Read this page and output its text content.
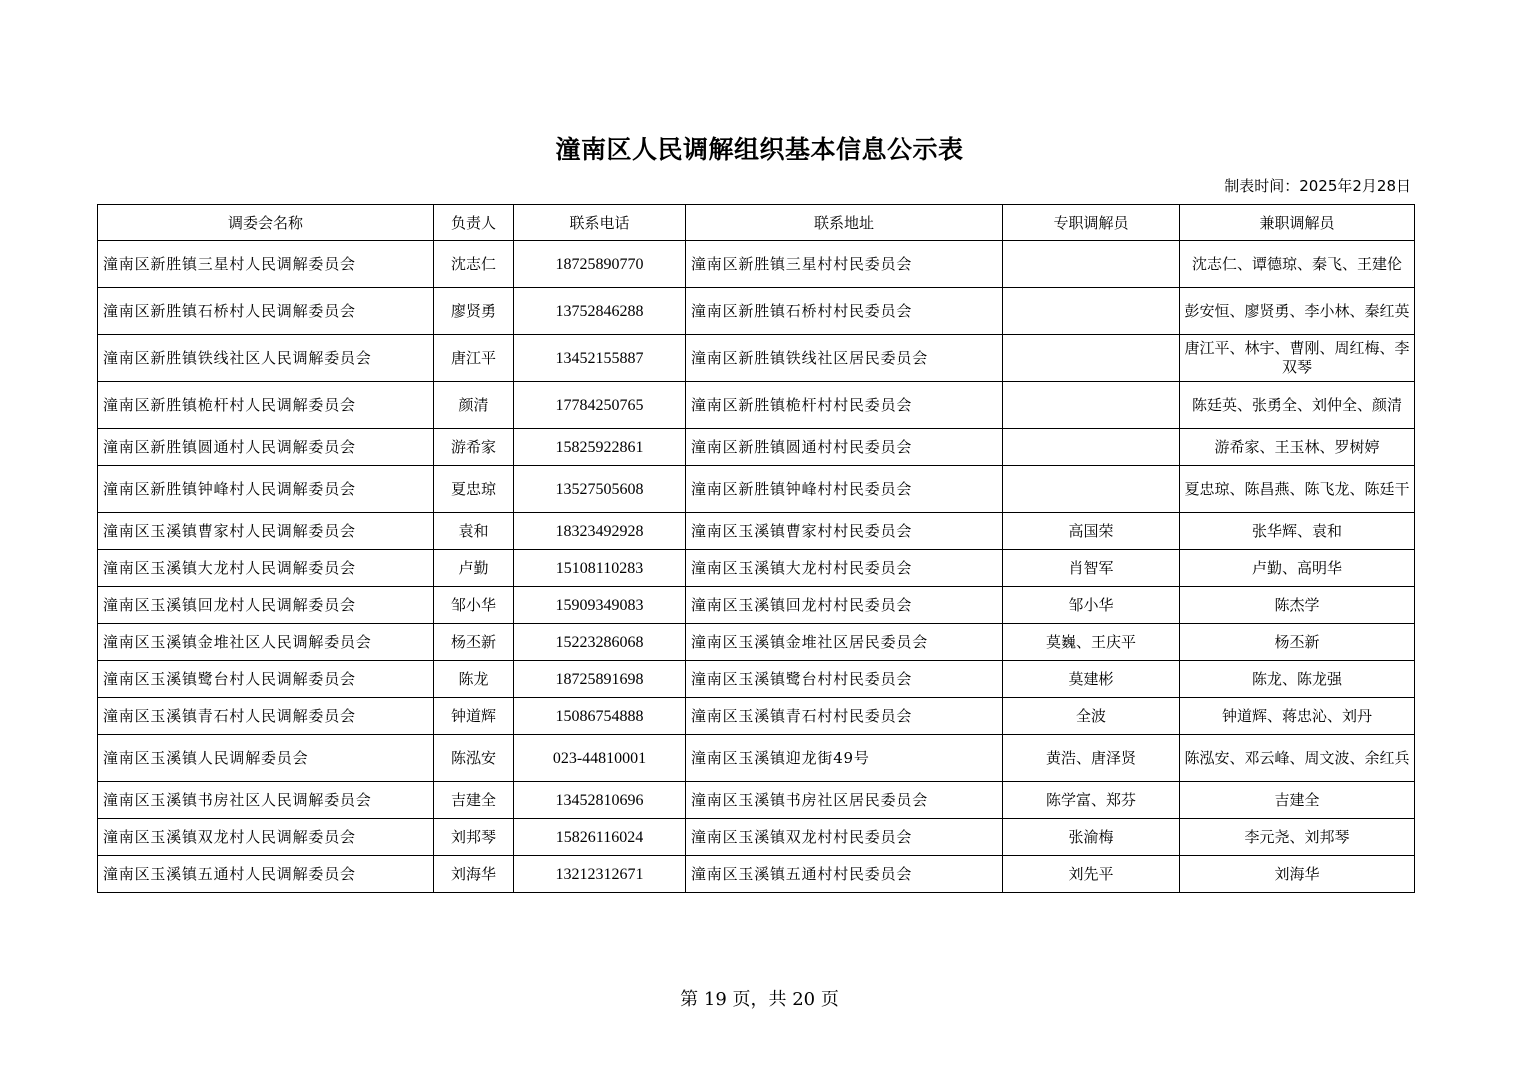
潼南区人民调解组织基本信息公示表
制表时间：2025年2月28日
调委会名称	负责人	联系电话	联系地址	专职调解员	兼职调解员
潼南区新胜镇三星村人民调解委员会	沈志仁	18725890770	潼南区新胜镇三星村村民委员会		沈志仁、谭德琼、秦飞、王建伦
潼南区新胜镇石桥村人民调解委员会	廖贤勇	13752846288	潼南区新胜镇石桥村村民委员会		彭安恒、廖贤勇、李小林、秦红英
潼南区新胜镇铁线社区人民调解委员会	唐江平	13452155887	潼南区新胜镇铁线社区居民委员会		唐江平、林宇、曹刚、周红梅、李双琴
潼南区新胜镇桅杆村人民调解委员会	颜清	17784250765	潼南区新胜镇桅杆村村民委员会		陈廷英、张勇全、刘仲全、颜清
潼南区新胜镇圆通村人民调解委员会	游希家	15825922861	潼南区新胜镇圆通村村民委员会		游希家、王玉林、罗树婷
潼南区新胜镇钟峰村人民调解委员会	夏忠琼	13527505608	潼南区新胜镇钟峰村村民委员会		夏忠琼、陈昌燕、陈飞龙、陈廷干
潼南区玉溪镇曹家村人民调解委员会	袁和	18323492928	潼南区玉溪镇曹家村村民委员会	高国荣	张华辉、袁和
潼南区玉溪镇大龙村人民调解委员会	卢勤	15108110283	潼南区玉溪镇大龙村村民委员会	肖智军	卢勤、高明华
潼南区玉溪镇回龙村人民调解委员会	邹小华	15909349083	潼南区玉溪镇回龙村村民委员会	邹小华	陈杰学
潼南区玉溪镇金堆社区人民调解委员会	杨丕新	15223286068	潼南区玉溪镇金堆社区居民委员会	莫巍、王庆平	杨丕新
潼南区玉溪镇鹭台村人民调解委员会	陈龙	18725891698	潼南区玉溪镇鹭台村村民委员会	莫建彬	陈龙、陈龙强
潼南区玉溪镇青石村人民调解委员会	钟道辉	15086754888	潼南区玉溪镇青石村村民委员会	全波	钟道辉、蒋忠沁、刘丹
潼南区玉溪镇人民调解委员会	陈泓安	023-44810001	潼南区玉溪镇迎龙街49号	黄浩、唐泽贤	陈泓安、邓云峰、周文波、余红兵
潼南区玉溪镇书房社区人民调解委员会	吉建全	13452810696	潼南区玉溪镇书房社区居民委员会	陈学富、郑芬	吉建全
潼南区玉溪镇双龙村人民调解委员会	刘邦琴	15826116024	潼南区玉溪镇双龙村村民委员会	张渝梅	李元尧、刘邦琴
潼南区玉溪镇五通村人民调解委员会	刘海华	13212312671	潼南区玉溪镇五通村村民委员会	刘先平	刘海华
第 19 页，共 20 页
